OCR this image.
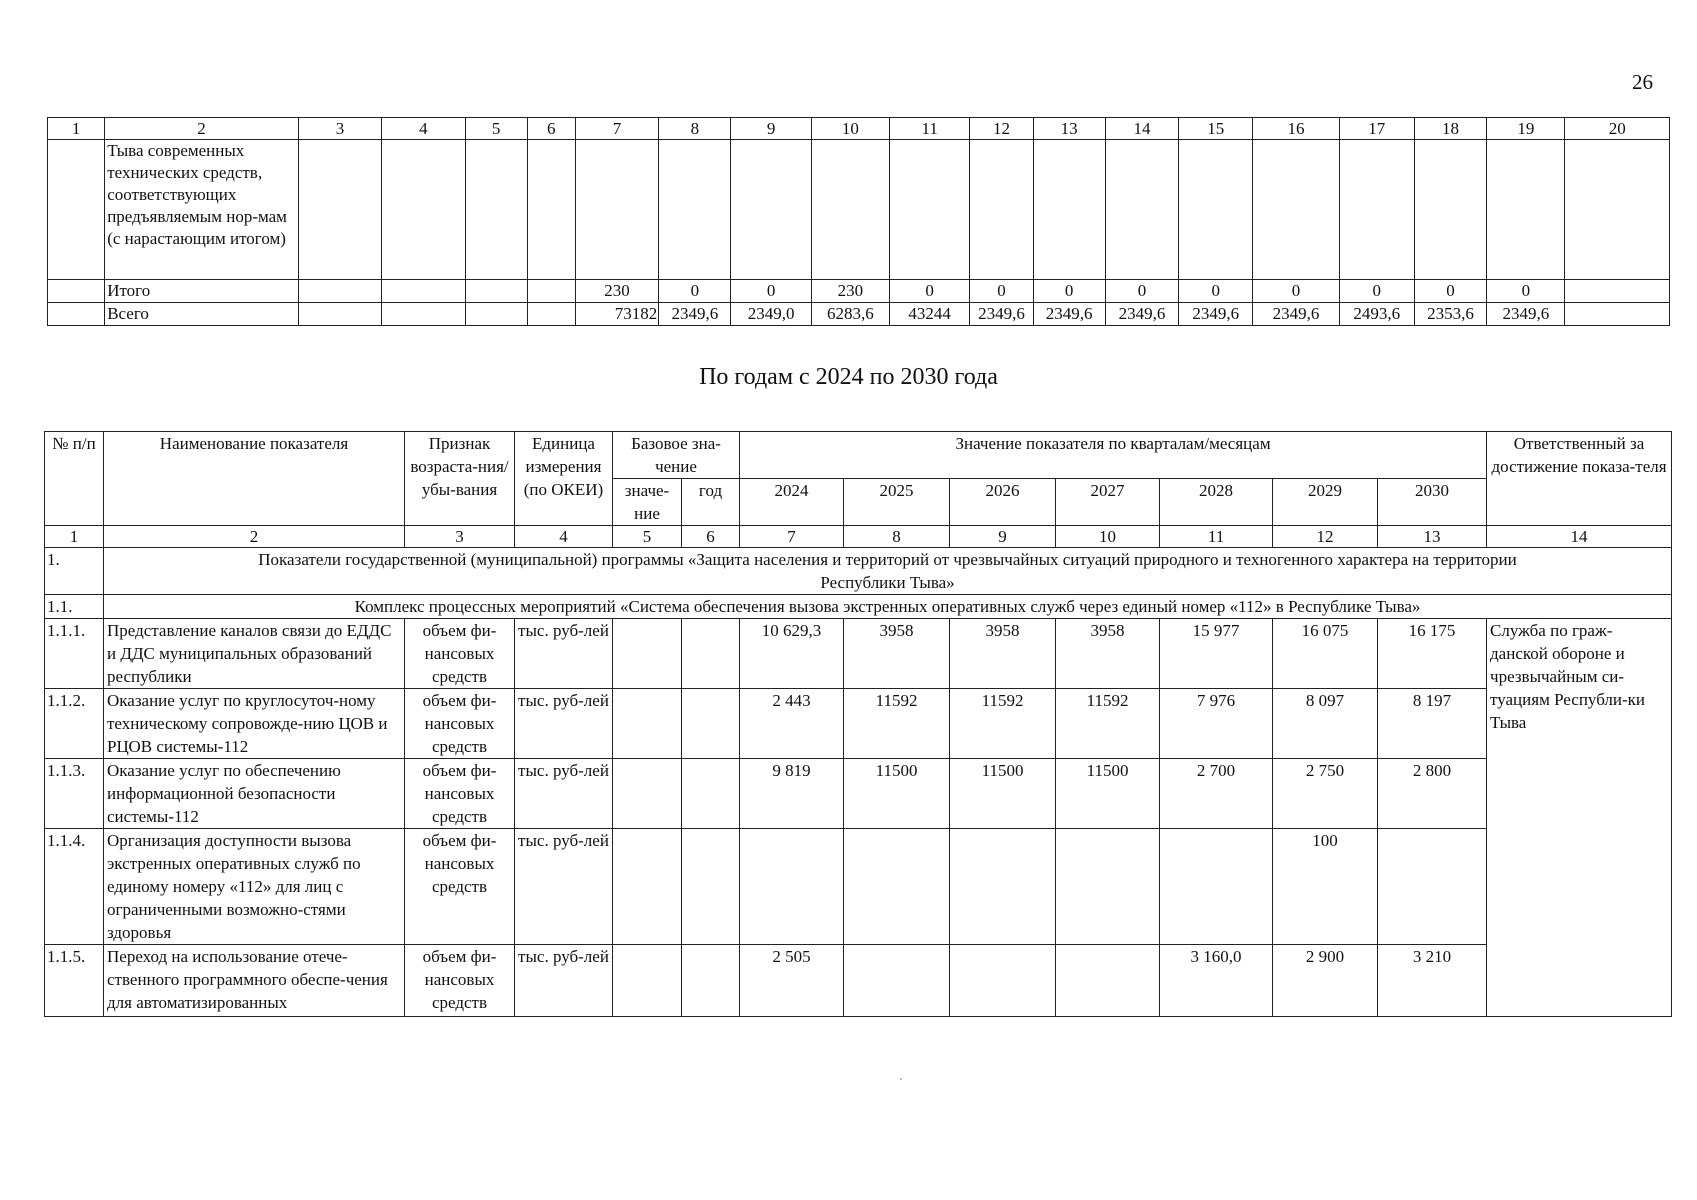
26
1	2	3	4	5	6	7	8	9	10	11	12	13	14	15	16	17	18	19	20
	Тыва современных технических средств, соответствующих предъявляемым нор-мам (с нарастающим итогом)																		
	Итого					230	0	0	230	0	0	0	0	0	0	0	0	0	
	Всего					73182	2349,6	2349,0	6283,6	43244	2349,6	2349,6	2349,6	2349,6	2349,6	2493,6	2353,6	2349,6	
По годам с 2024 по 2030 года
№ п/п	Наименование показателя	Признак возраста-ния/ убы-вания	Единица измерения (по ОКЕИ)	Базовое зна-чение		Значение показателя по кварталам/месяцам							Ответственный за достижение показа-теля
				значе-ние	год	2024	2025	2026	2027	2028	2029	2030	
1	2	3	4	5	6	7	8	9	10	11	12	13	14
1.	Показатели государственной (муниципальной) программы «Защита населения и территорий от чрезвычайных ситуаций природного и техногенного характера на территории Республики Тыва»												
1.1.	Комплекс процессных мероприятий «Система обеспечения вызова экстренных оперативных служб через единый номер «112» в Республике Тыва»												
1.1.1.	Представление каналов связи до ЕДДС и ДДС муниципальных образований республики	объем фи-нансовых средств	тыс. руб-лей			10 629,3	3958	3958	3958	15 977	16 075	16 175	Служба по граж-данской обороне и чрезвычайным си-туациям Республи-ки Тыва
1.1.2.	Оказание услуг по круглосуточ-ному техническому сопровожде-нию ЦОВ и РЦОВ системы-112	объем фи-нансовых средств	тыс. руб-лей			2 443	11592	11592	11592	7 976	8 097	8 197	
1.1.3.	Оказание услуг по обеспечению информационной безопасности системы-112	объем фи-нансовых средств	тыс. руб-лей			9 819	11500	11500	11500	2 700	2 750	2 800	
1.1.4.	Организация доступности вызова экстренных оперативных служб по единому номеру «112» для лиц с ограниченными возможно-стями здоровья	объем фи-нансовых средств	тыс. руб-лей								100		
1.1.5.	Переход на использование отече-ственного программного обеспе-чения для автоматизированных	объем фи-нансовых средств	тыс. руб-лей			2 505				3 160,0	2 900	3 210	
